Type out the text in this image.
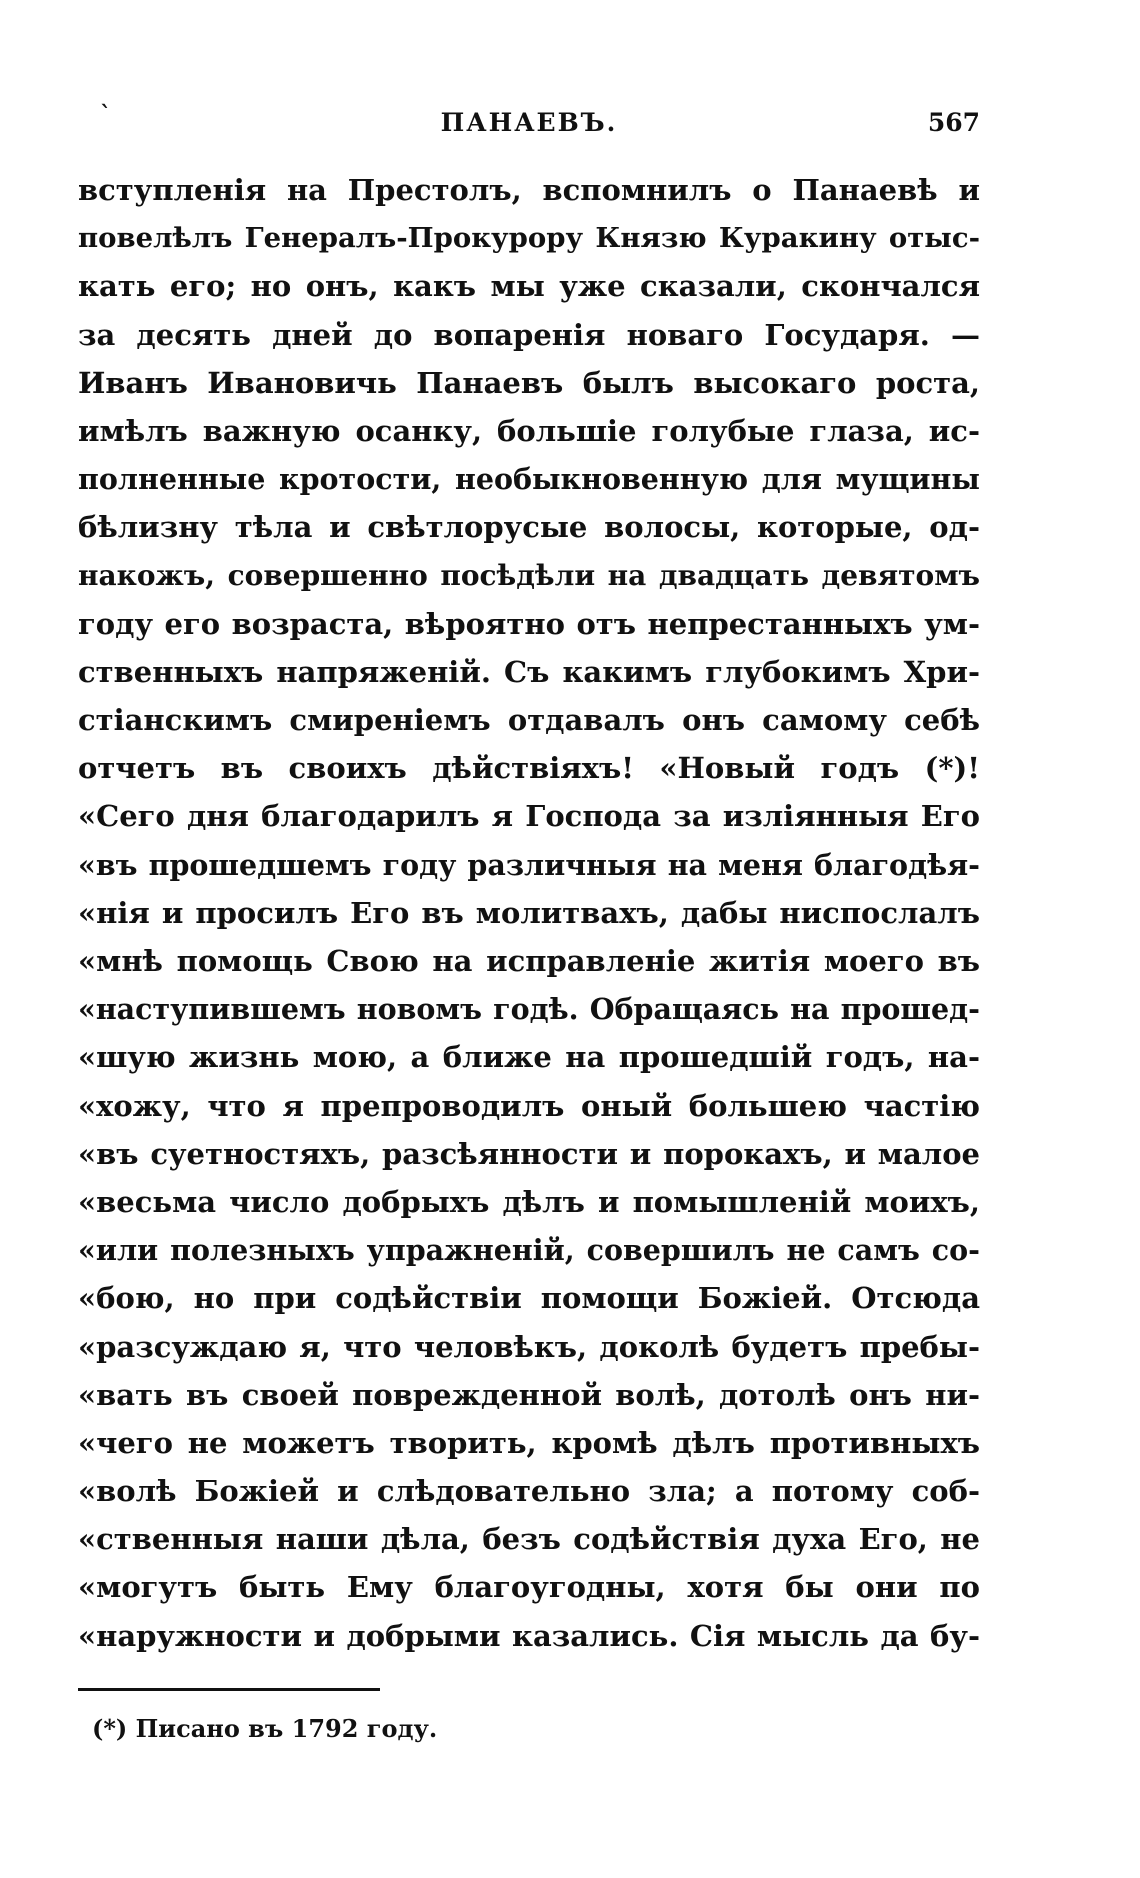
ˋ	ПАНАЕВЪ.	567
вступленія на Престолъ, вспомнилъ о Панаевѣ и
повелѣлъ Генералъ-Прокурору Князю Куракину отыс-
кать его; но онъ, какъ мы уже сказали, скончался
за десять дней до вопаренія новаго Государя. —
Иванъ Ивановичь Панаевъ былъ высокаго роста,
имѣлъ важную осанку, большіе голубые глаза, ис-
полненные кротости, необыкновенную для мущины
бѣлизну тѣла и свѣтлорусые волосы, которые, од-
накожъ, совершенно посѣдѣли на двадцать девятомъ
году его возраста, вѣроятно отъ непрестанныхъ ум-
ственныхъ напряженій. Съ какимъ глубокимъ Хри-
стіанскимъ смиреніемъ отдавалъ онъ самому себѣ
отчетъ въ своихъ дѣйствіяхъ! «Новый годъ (*)!
«Сего дня благодарилъ я Господа за изліянныя Его
«въ прошедшемъ году различныя на меня благодѣя-
«нія и просилъ Его въ молитвахъ, дабы ниспослалъ
«мнѣ помощь Свою на исправленіе житія моего въ
«наступившемъ новомъ годѣ. Обращаясь на прошед-
«шую жизнь мою, а ближе на прошедшій годъ, на-
«хожу, что я препроводилъ оный большею частію
«въ суетностяхъ, разсѣянности и порокахъ, и малое
«весьма число добрыхъ дѣлъ и помышленій моихъ,
«или полезныхъ упражненій, совершилъ не самъ со-
«бою, но при содѣйствіи помощи Божіей. Отсюда
«разсуждаю я, что человѣкъ, доколѣ будетъ пребы-
«вать въ своей поврежденной волѣ, дотолѣ онъ ни-
«чего не можетъ творить, кромѣ дѣлъ противныхъ
«волѣ Божіей и слѣдовательно зла; а потому соб-
«ственныя наши дѣла, безъ содѣйствія духа Его, не
«могутъ быть Ему благоугодны, хотя бы они по
«наружности и добрыми казались. Сія мысль да бу-
(*) Писано въ 1792 году.
